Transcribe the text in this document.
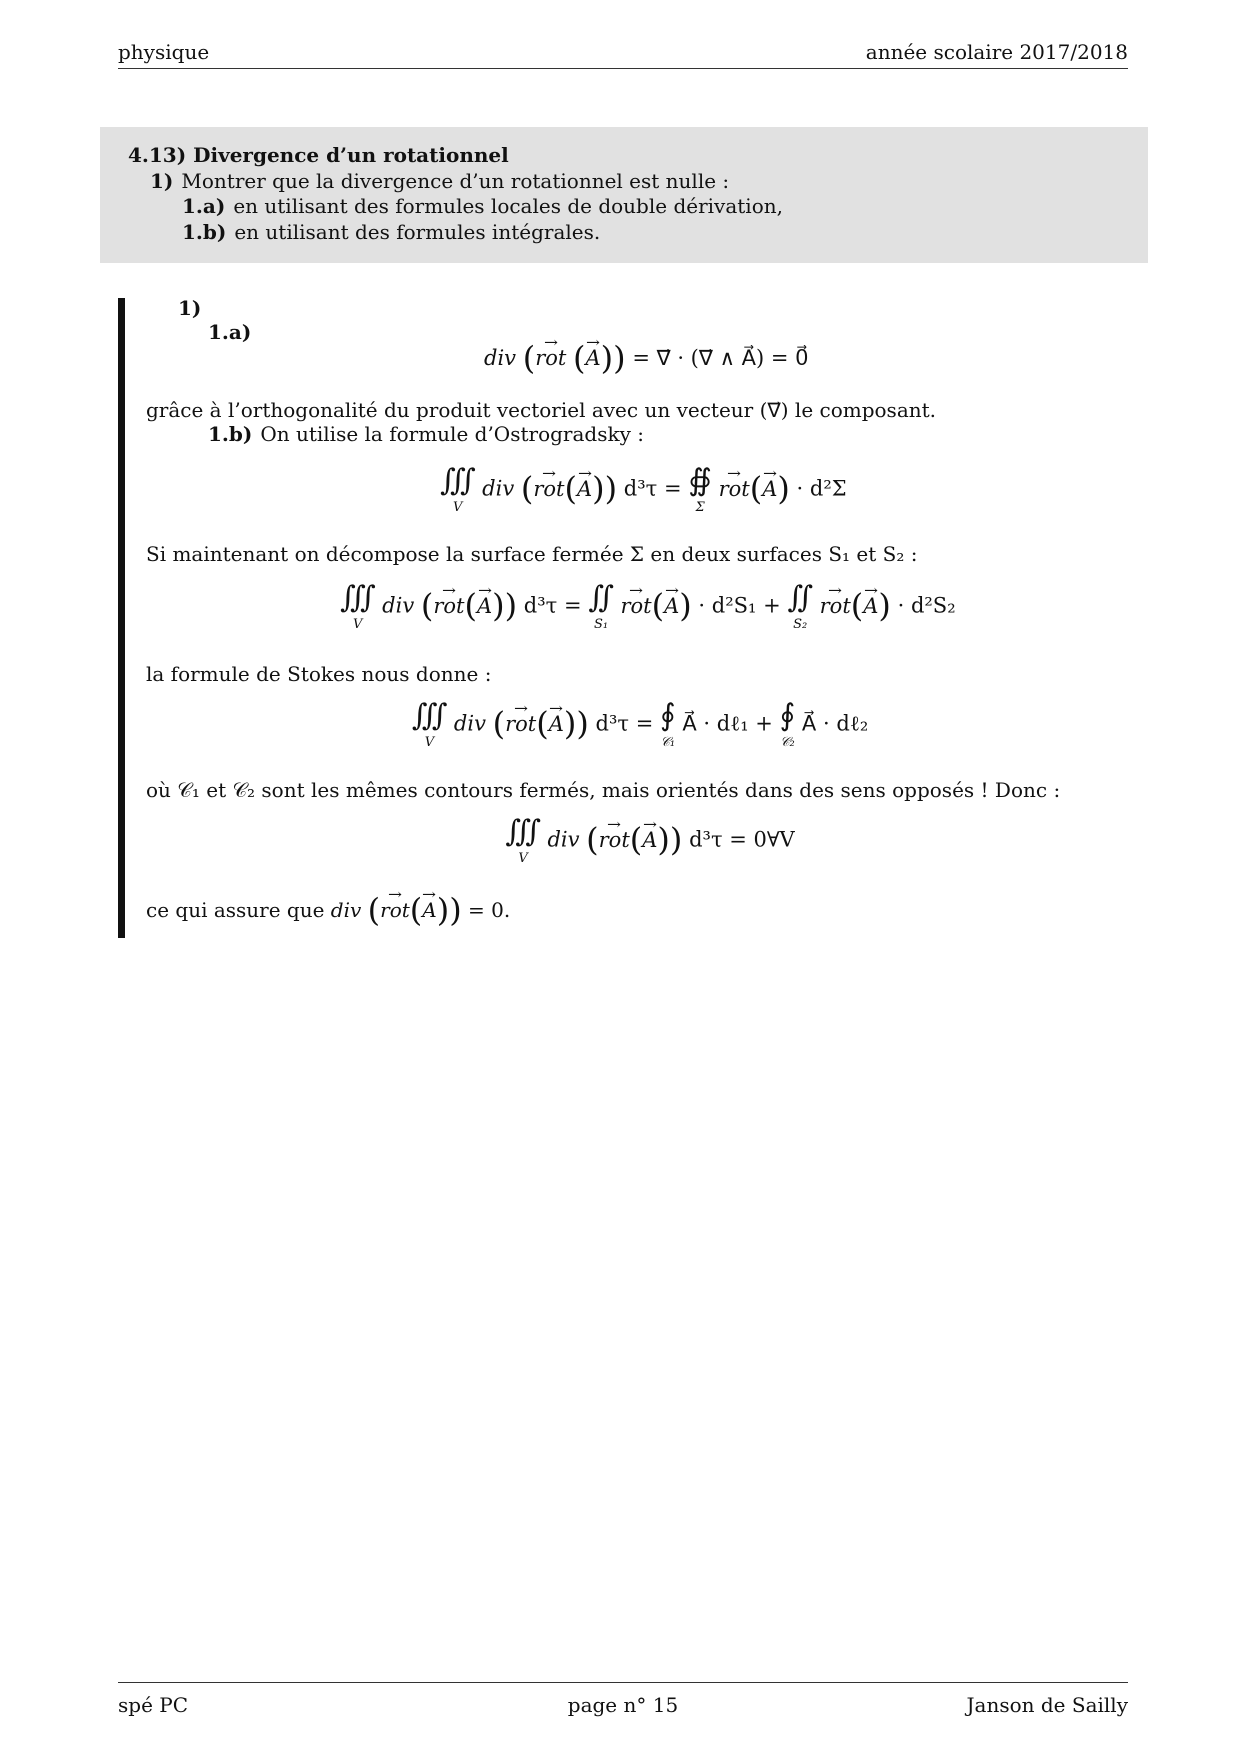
physique	année scolaire 2017/2018
4.13) Divergence d’un rotationnel
1) Montrer que la divergence d’un rotationnel est nulle :
1.a) en utilisant des formules locales de double dérivation,
1.b) en utilisant des formules intégrales.
1)
1.a)
div (→ rot (→ A)) = ∇⃗ · (∇⃗ ∧ A⃗) = 0⃗
grâce à l’orthogonalité du produit vectoriel avec un vecteur (∇⃗) le composant.
1.b) On utilise la formule d’Ostrogradsky :
∭
V div (→ rot(→ A)) d³τ = ∯
Σ → rot(→ A) · d²Σ
Si maintenant on décompose la surface fermée Σ en deux surfaces S₁ et S₂ :
∭
V div (→ rot(→ A)) d³τ = ∬
S₁ → rot(→ A) · d²S₁ + ∬
S₂ → rot(→ A) · d²S₂
la formule de Stokes nous donne :
∭
V div (→ rot(→ A)) d³τ = ∮
𝒞₁ A⃗ · dℓ₁ + ∮
𝒞₂ A⃗ · dℓ₂
où 𝒞₁ et 𝒞₂ sont les mêmes contours fermés, mais orientés dans des sens opposés ! Donc :
∭
V div (→ rot(→ A)) d³τ = 0∀V
ce qui assure que div (→ rot(→ A)) = 0.
spé PC	page n° 15	Janson de Sailly
